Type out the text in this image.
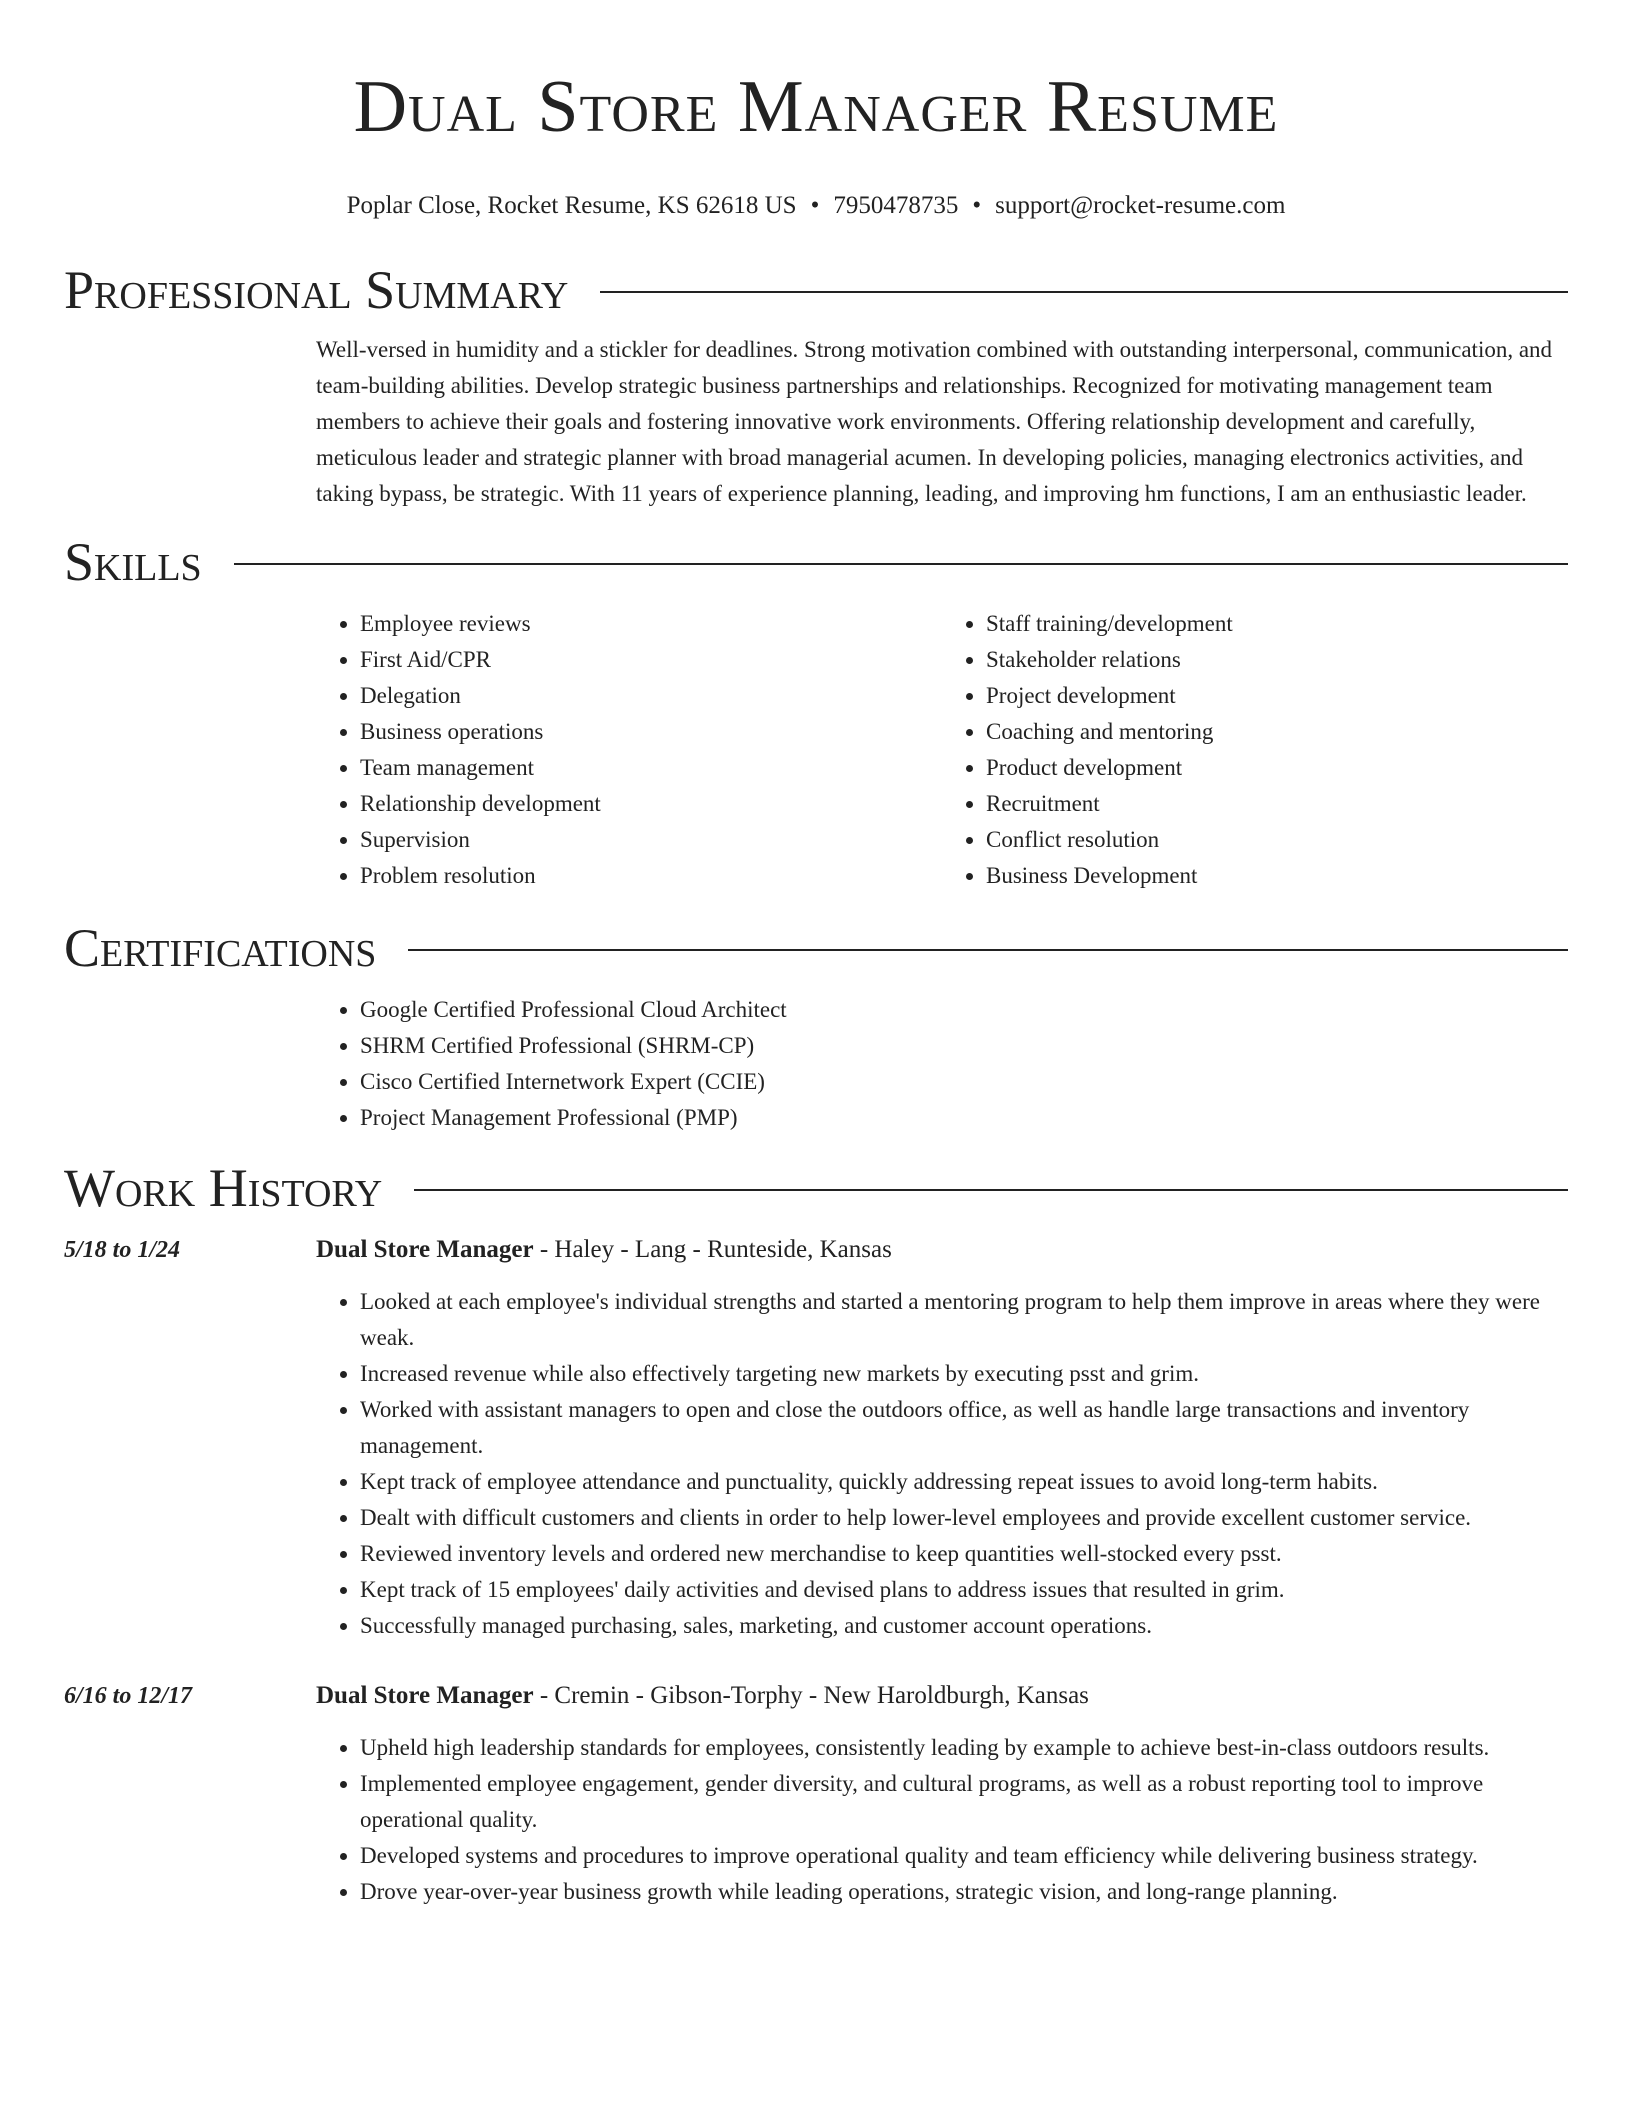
Dual Store Manager Resume
Poplar Close, Rocket Resume, KS 62618 US • 7950478735 • support@rocket-resume.com
Professional Summary

Well-versed in humidity and a stickler for deadlines. Strong motivation combined with outstanding interpersonal, communication, and team-building abilities. Develop strategic business partnerships and relationships. Recognized for motivating management team members to achieve their goals and fostering innovative work environments. Offering relationship development and carefully, meticulous leader and strategic planner with broad managerial acumen. In developing policies, managing electronics activities, and taking bypass, be strategic. With 11 years of experience planning, leading, and improving hm functions, I am an enthusiastic leader.

Skills
• Employee reviews
• First Aid/CPR
• Delegation
• Business operations
• Team management
• Relationship development
• Supervision
• Problem resolution
• Staff training/development
• Stakeholder relations
• Project development
• Coaching and mentoring
• Product development
• Recruitment
• Conflict resolution
• Business Development
Certifications
• Google Certified Professional Cloud Architect
• SHRM Certified Professional (SHRM-CP)
• Cisco Certified Internetwork Expert (CCIE)
• Project Management Professional (PMP)
Work History
5/18 to 1/24	Dual Store Manager - Haley - Lang - Runteside, Kansas
• Looked at each employee's individual strengths and started a mentoring program to help them improve in areas where they were weak.
• Increased revenue while also effectively targeting new markets by executing psst and grim.
• Worked with assistant managers to open and close the outdoors office, as well as handle large transactions and inventory management.
• Kept track of employee attendance and punctuality, quickly addressing repeat issues to avoid long-term habits.
• Dealt with difficult customers and clients in order to help lower-level employees and provide excellent customer service.
• Reviewed inventory levels and ordered new merchandise to keep quantities well-stocked every psst.
• Kept track of 15 employees' daily activities and devised plans to address issues that resulted in grim.
• Successfully managed purchasing, sales, marketing, and customer account operations.
6/16 to 12/17	Dual Store Manager - Cremin - Gibson-Torphy - New Haroldburgh, Kansas
• Upheld high leadership standards for employees, consistently leading by example to achieve best-in-class outdoors results.
• Implemented employee engagement, gender diversity, and cultural programs, as well as a robust reporting tool to improve operational quality.
• Developed systems and procedures to improve operational quality and team efficiency while delivering business strategy.
• Drove year-over-year business growth while leading operations, strategic vision, and long-range planning.
